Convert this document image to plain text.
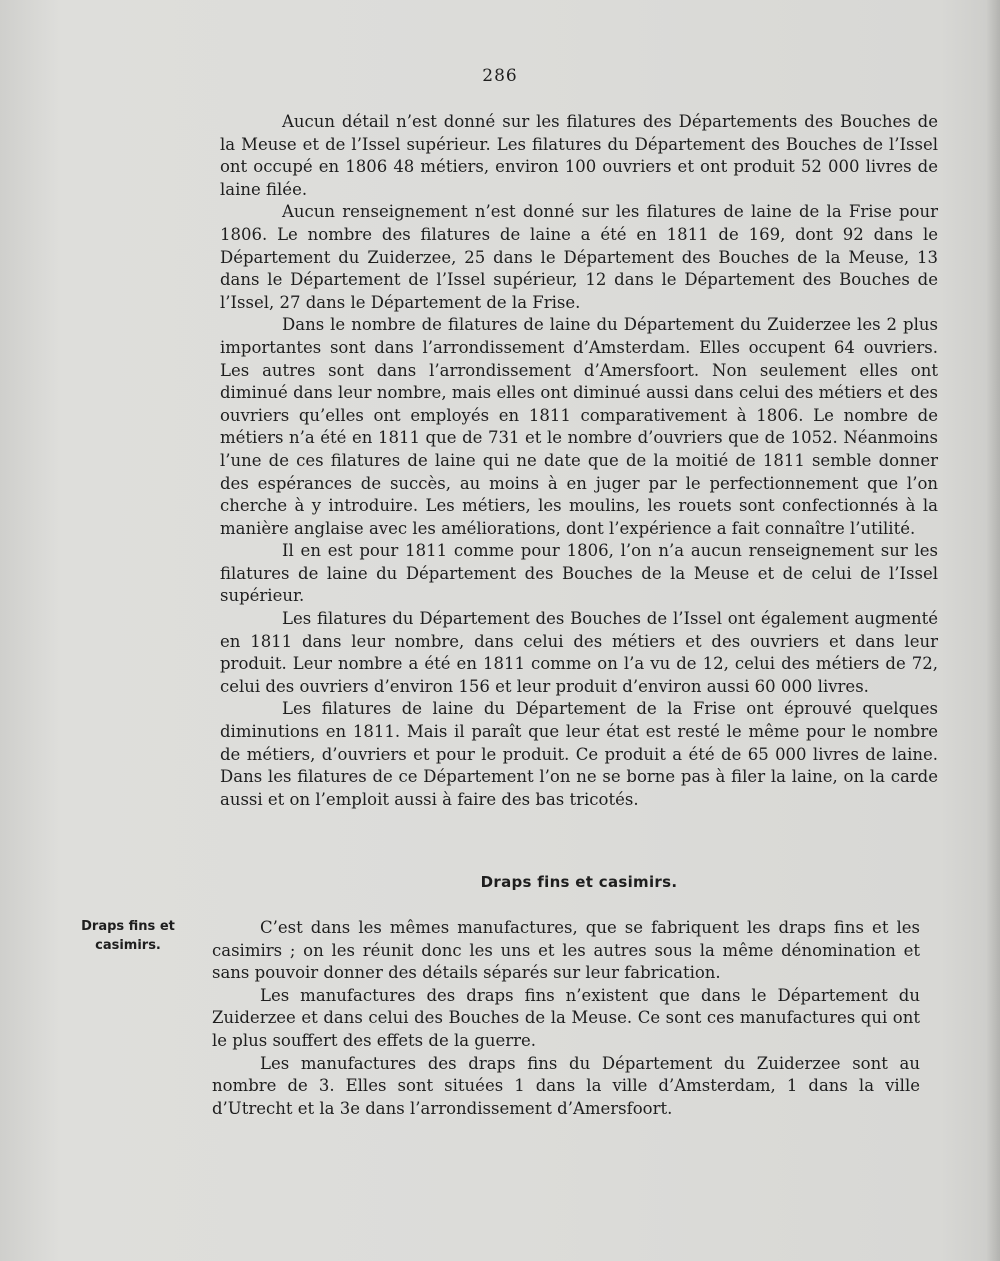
286

Aucun détail n’est donné sur les filatures des Départements des Bouches de la Meuse et de l’Issel supérieur. Les filatures du Département des Bouches de l’Issel ont occupé en 1806 48 métiers, environ 100 ouvriers et ont produit 52 000 livres de laine filée.

Aucun renseignement n’est donné sur les filatures de laine de la Frise pour 1806. Le nombre des filatures de laine a été en 1811 de 169, dont 92 dans le Département du Zuiderzee, 25 dans le Département des Bouches de la Meuse, 13 dans le Département de l’Issel supérieur, 12 dans le Département des Bouches de l’Issel, 27 dans le Département de la Frise.

Dans le nombre de filatures de laine du Département du Zuiderzee les 2 plus importantes sont dans l’arrondissement d’Amsterdam. Elles occupent 64 ouvriers. Les autres sont dans l’arrondissement d’Amersfoort. Non seulement elles ont diminué dans leur nombre, mais elles ont diminué aussi dans celui des métiers et des ouvriers qu’elles ont employés en 1811 comparativement à 1806. Le nombre de métiers n’a été en 1811 que de 731 et le nombre d’ouvriers que de 1052. Néanmoins l’une de ces filatures de laine qui ne date que de la moitié de 1811 semble donner des espérances de succès, au moins à en juger par le perfectionnement que l’on cherche à y introduire. Les métiers, les moulins, les rouets sont confectionnés à la manière anglaise avec les améliorations, dont l’expérience a fait connaître l’utilité.

Il en est pour 1811 comme pour 1806, l’on n’a aucun renseignement sur les filatures de laine du Département des Bouches de la Meuse et de celui de l’Issel supérieur.

Les filatures du Département des Bouches de l’Issel ont également augmenté en 1811 dans leur nombre, dans celui des métiers et des ouvriers et dans leur produit. Leur nombre a été en 1811 comme on l’a vu de 12, celui des métiers de 72, celui des ouvriers d’environ 156 et leur produit d’environ aussi 60 000 livres.

Les filatures de laine du Département de la Frise ont éprouvé quelques diminutions en 1811. Mais il paraît que leur état est resté le même pour le nombre de métiers, d’ouvriers et pour le produit. Ce produit a été de 65 000 livres de laine. Dans les filatures de ce Département l’on ne se borne pas à filer la laine, on la carde aussi et on l’emploit aussi à faire des bas tricotés.

Draps fins et casimirs.
Draps fins et casimirs.

C’est dans les mêmes manufactures, que se fabriquent les draps fins et les casimirs ; on les réunit donc les uns et les autres sous la même dénomination et sans pouvoir donner des détails séparés sur leur fabrication.

Les manufactures des draps fins n’existent que dans le Département du Zuiderzee et dans celui des Bouches de la Meuse. Ce sont ces manufactures qui ont le plus souffert des effets de la guerre.

Les manufactures des draps fins du Département du Zuiderzee sont au nombre de 3. Elles sont situées 1 dans la ville d’Amsterdam, 1 dans la ville d’Utrecht et la 3e dans l’arrondissement d’Amersfoort.
